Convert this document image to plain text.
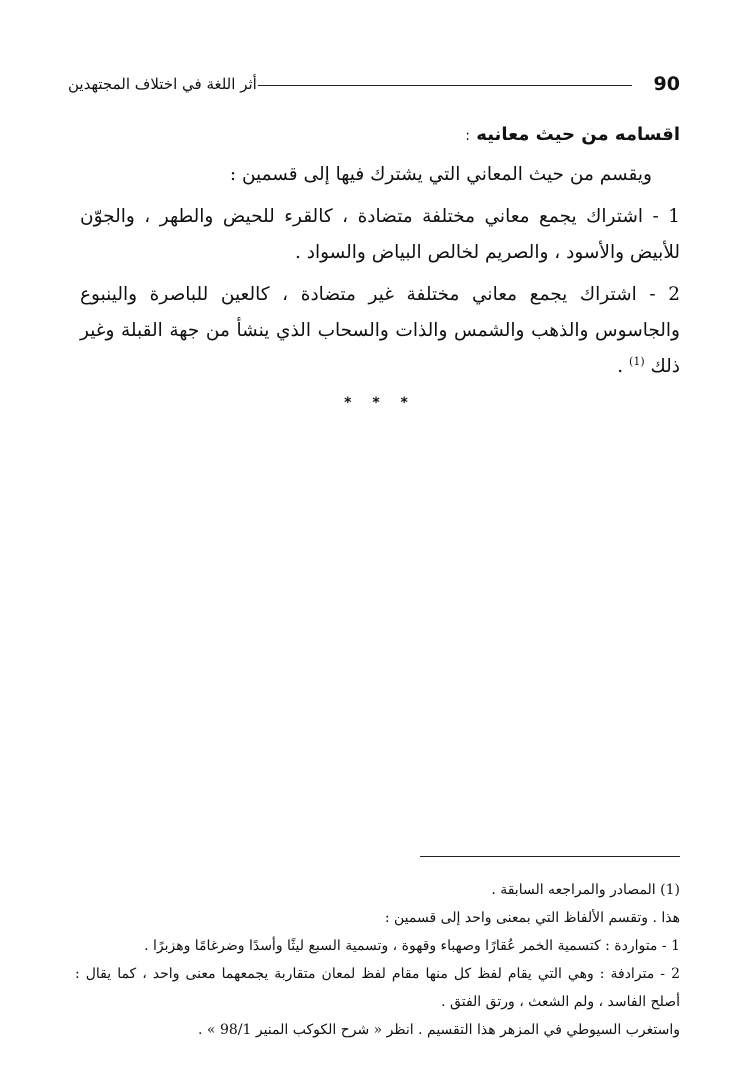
90
أثر اللغة في اختلاف المجتهدين

اقسامه من حيث معانيه :

ويقسم من حيث المعاني التي يشترك فيها إلى قسمين :

1 - اشتراك يجمع معاني مختلفة متضادة ، كالقرء للحيض والطهر ، والجوّن للأبيض والأسود ، والصريم لخالص البياض والسواد .

2 - اشتراك يجمع معاني مختلفة غير متضادة ، كالعين للباصرة والينبوع والجاسوس والذهب والشمس والذات والسحاب الذي ينشأ من جهة القبلة وغير ذلك $^{(1)}$ .

* * *

(1) المصادر والمراجعه السابقة .

هذا . وتقسم الألفاظ التي بمعنى واحد إلى قسمين :

1 - متواردة : كتسمية الخمر عُقارًا وصهباء وقهوة ، وتسمية السبع ليثًا وأسدًا وضرغامًا وهزبرًا .

2 - مترادفة : وهي التي يقام لفظ كل منها مقام لفظ لمعان متقاربة يجمعهما معنى واحد ، كما يقال : أصلح الفاسد ، ولم الشعث ، ورتق الفتق .

واستغرب السيوطي في المزهر هذا التقسيم . انظر « شرح الكوكب المنير 98/1 » .
